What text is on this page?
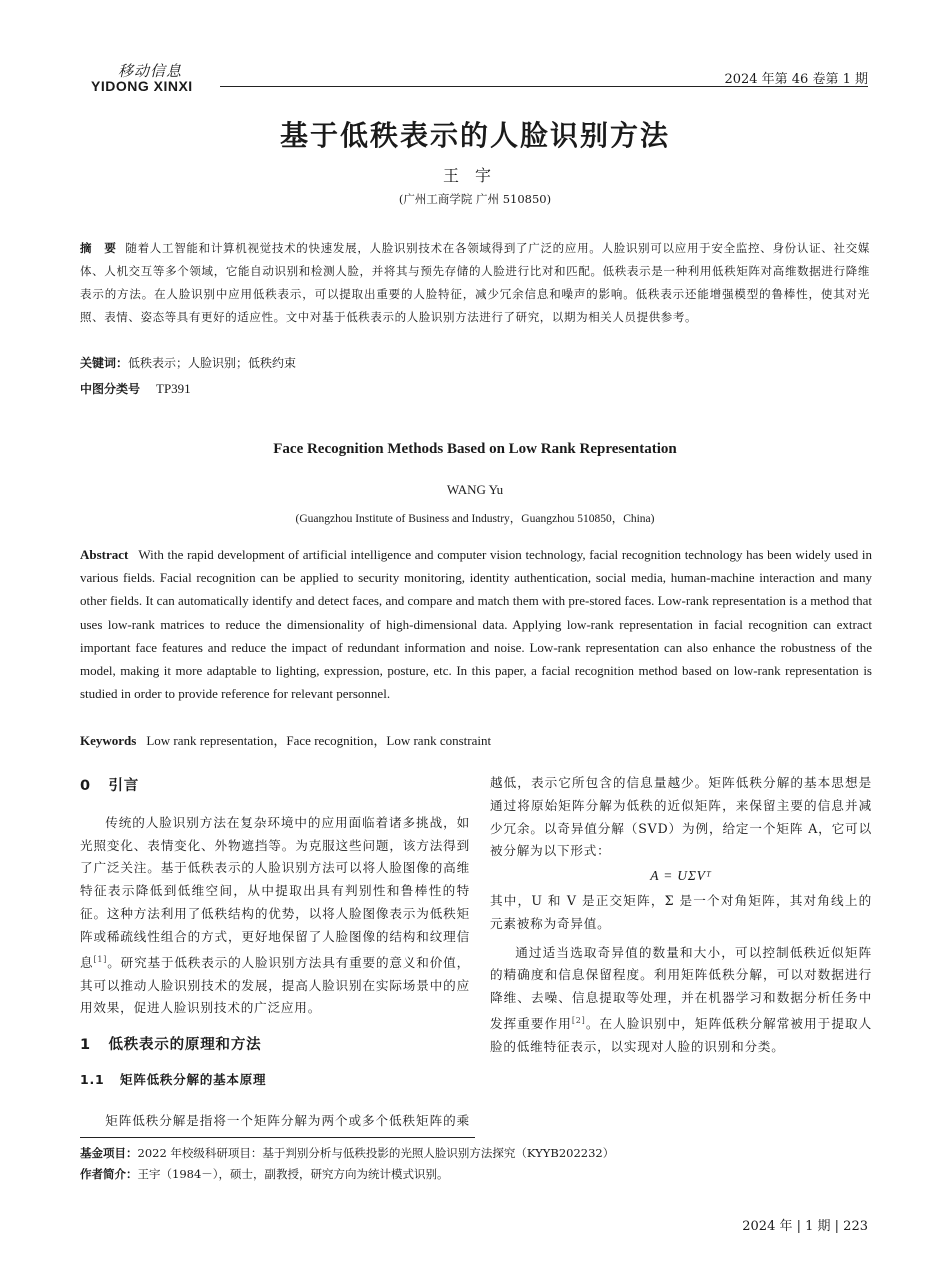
移动信息
YIDONG XINXI	2024 年第 46 卷第 1 期
基于低秩表示的人脸识别方法
王宇
(广州工商学院 广州 510850)
摘　要 随着人工智能和计算机视觉技术的快速发展，人脸识别技术在各领域得到了广泛的应用。人脸识别可以应用于安全监控、身份认证、社交媒体、人机交互等多个领域，它能自动识别和检测人脸，并将其与预先存储的人脸进行比对和匹配。低秩表示是一种利用低秩矩阵对高维数据进行降维表示的方法。在人脸识别中应用低秩表示，可以提取出重要的人脸特征，减少冗余信息和噪声的影响。低秩表示还能增强模型的鲁棒性，使其对光照、表情、姿态等具有更好的适应性。文中对基于低秩表示的人脸识别方法进行了研究，以期为相关人员提供参考。
关键词：低秩表示；人脸识别；低秩约束
中图分类号 TP391
Face Recognition Methods Based on Low Rank Representation
WANG Yu
(Guangzhou Institute of Business and Industry，Guangzhou 510850，China)
Abstract With the rapid development of artificial intelligence and computer vision technology, facial recognition technology has been widely used in various fields. Facial recognition can be applied to security monitoring, identity authentication, social media, human-machine interaction and many other fields. It can automatically identify and detect faces, and compare and match them with pre-stored faces. Low-rank representation is a method that uses low-rank matrices to reduce the dimensionality of high-dimensional data. Applying low-rank representation in facial recognition can extract important face features and reduce the impact of redundant information and noise. Low-rank representation can also enhance the robustness of the model, making it more adaptable to lighting, expression, posture, etc. In this paper, a facial recognition method based on low-rank representation is studied in order to provide reference for relevant personnel.
Keywords Low rank representation，Face recognition，Low rank constraint
0 引言

传统的人脸识别方法在复杂环境中的应用面临着诸多挑战，如光照变化、表情变化、外物遮挡等。为克服这些问题，该方法得到了广泛关注。基于低秩表示的人脸识别方法可以将人脸图像的高维特征表示降低到低维空间，从中提取出具有判别性和鲁棒性的特征。这种方法利用了低秩结构的优势，以将人脸图像表示为低秩矩阵或稀疏线性组合的方式，更好地保留了人脸图像的结构和纹理信息[1]。研究基于低秩表示的人脸识别方法具有重要的意义和价值，其可以推动人脸识别技术的发展，提高人脸识别在实际场景中的应用效果，促进人脸识别技术的广泛应用。

1 低秩表示的原理和方法
1.1 矩阵低秩分解的基本原理

矩阵低秩分解是指将一个矩阵分解为两个或多个低秩矩阵的乘

越低，表示它所包含的信息量越少。矩阵低秩分解的基本思想是通过将原始矩阵分解为低秩的近似矩阵，来保留主要的信息并减少冗余。以奇异值分解（SVD）为例，给定一个矩阵 A，它可以被分解为以下形式：

A = UΣVᵀ

其中，U 和 V 是正交矩阵，Σ 是一个对角矩阵，其对角线上的元素被称为奇异值。

通过适当选取奇异值的数量和大小，可以控制低秩近似矩阵的精确度和信息保留程度。利用矩阵低秩分解，可以对数据进行降维、去噪、信息提取等处理，并在机器学习和数据分析任务中发挥重要作用[2]。在人脸识别中，矩阵低秩分解常被用于提取人脸的低维特征表示，以实现对人脸的识别和分类。

基金项目：2022 年校级科研项目：基于判别分析与低秩投影的光照人脸识别方法探究（KYYB202232）
作者简介：王宇（1984－），硕士，副教授，研究方向为统计模式识别。
2024 年 | 1 期 | 223
